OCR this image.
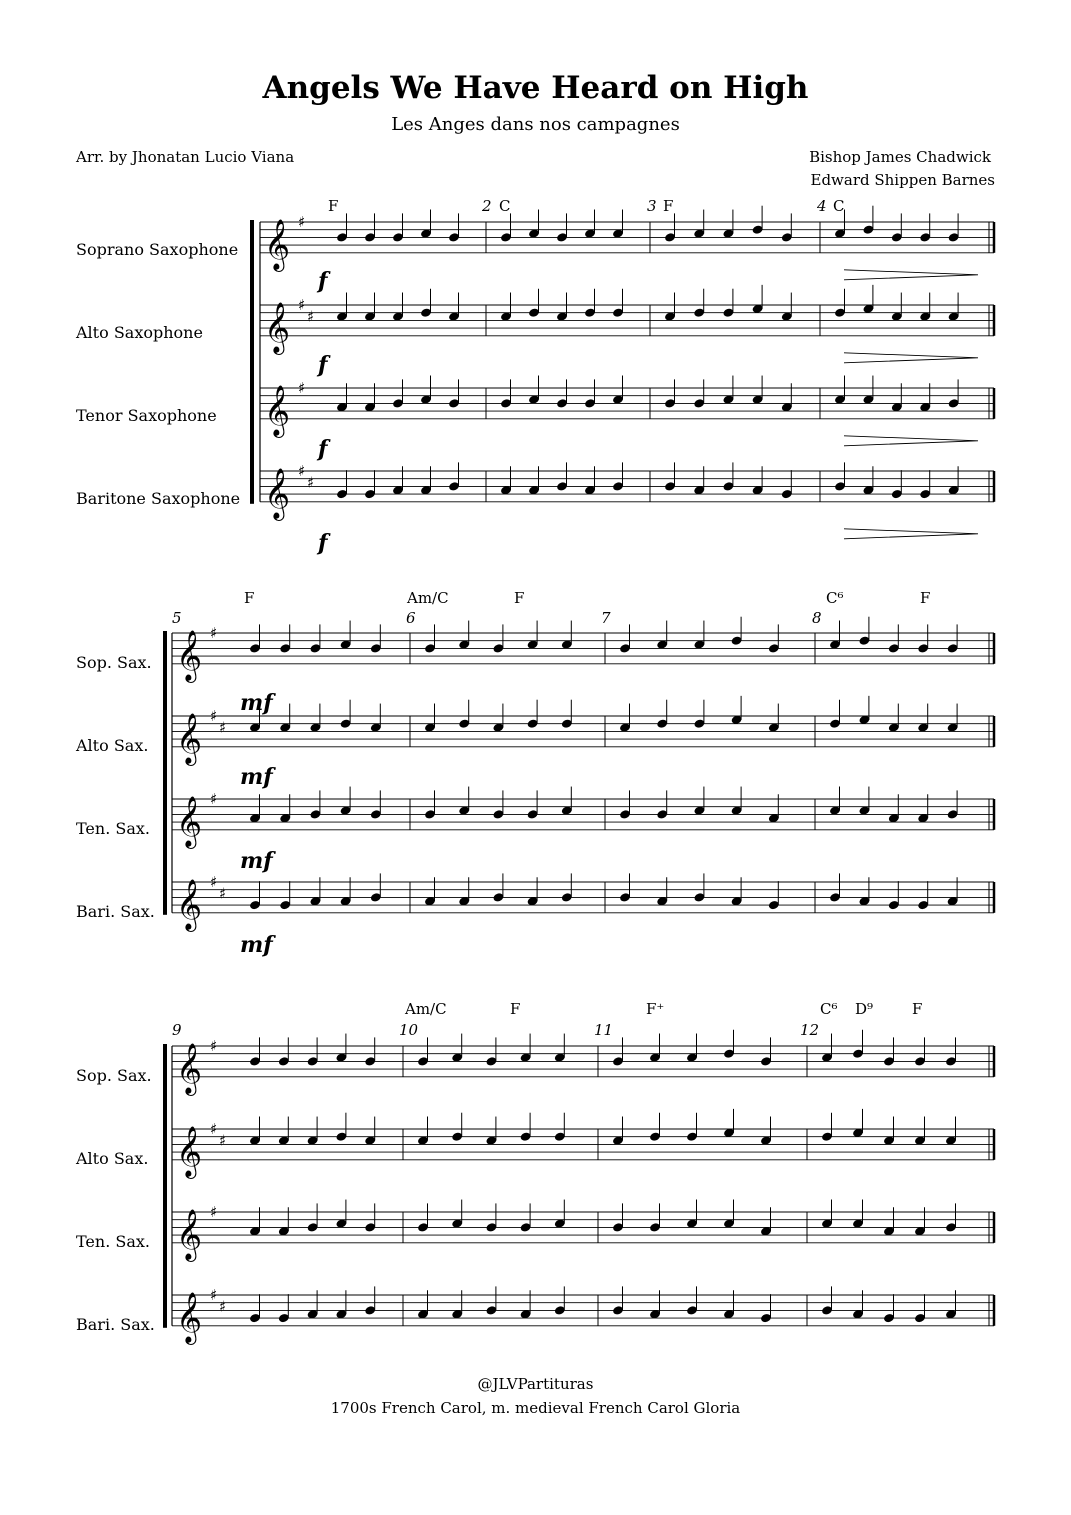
Angels We Have Heard on High
Les Anges dans nos campagnes
Arr. by Jhonatan Lucio Viana	Bishop James Chadwick
Edward Shippen Barnes
Soprano Saxophone
Alto Saxophone
Tenor Saxophone
Baritone Saxophone
F	2 C	3 F	4 C
f
f
f
f
Sop. Sax.
Alto Sax.
Ten. Sax.
Bari. Sax.
5	6	7	8
F	Am/C	F	C⁶	F
mf
mf
mf
mf
Sop. Sax.
Alto Sax.
Ten. Sax.
Bari. Sax.
9	10	11	12
Am/C	F	F⁺	C⁶ D⁹	F
@JLVPartituras
1700s French Carol, m. medieval French Carol Gloria
𝄞 ♯
𝄞 ♯
♯
𝄞 ♯
𝄞 ♯
♯
𝄞 ♯
𝄞 ♯
♯
𝄞 ♯
𝄞 ♯
♯
𝄞 ♯
𝄞 ♯
♯
𝄞 ♯
𝄞 ♯
♯
